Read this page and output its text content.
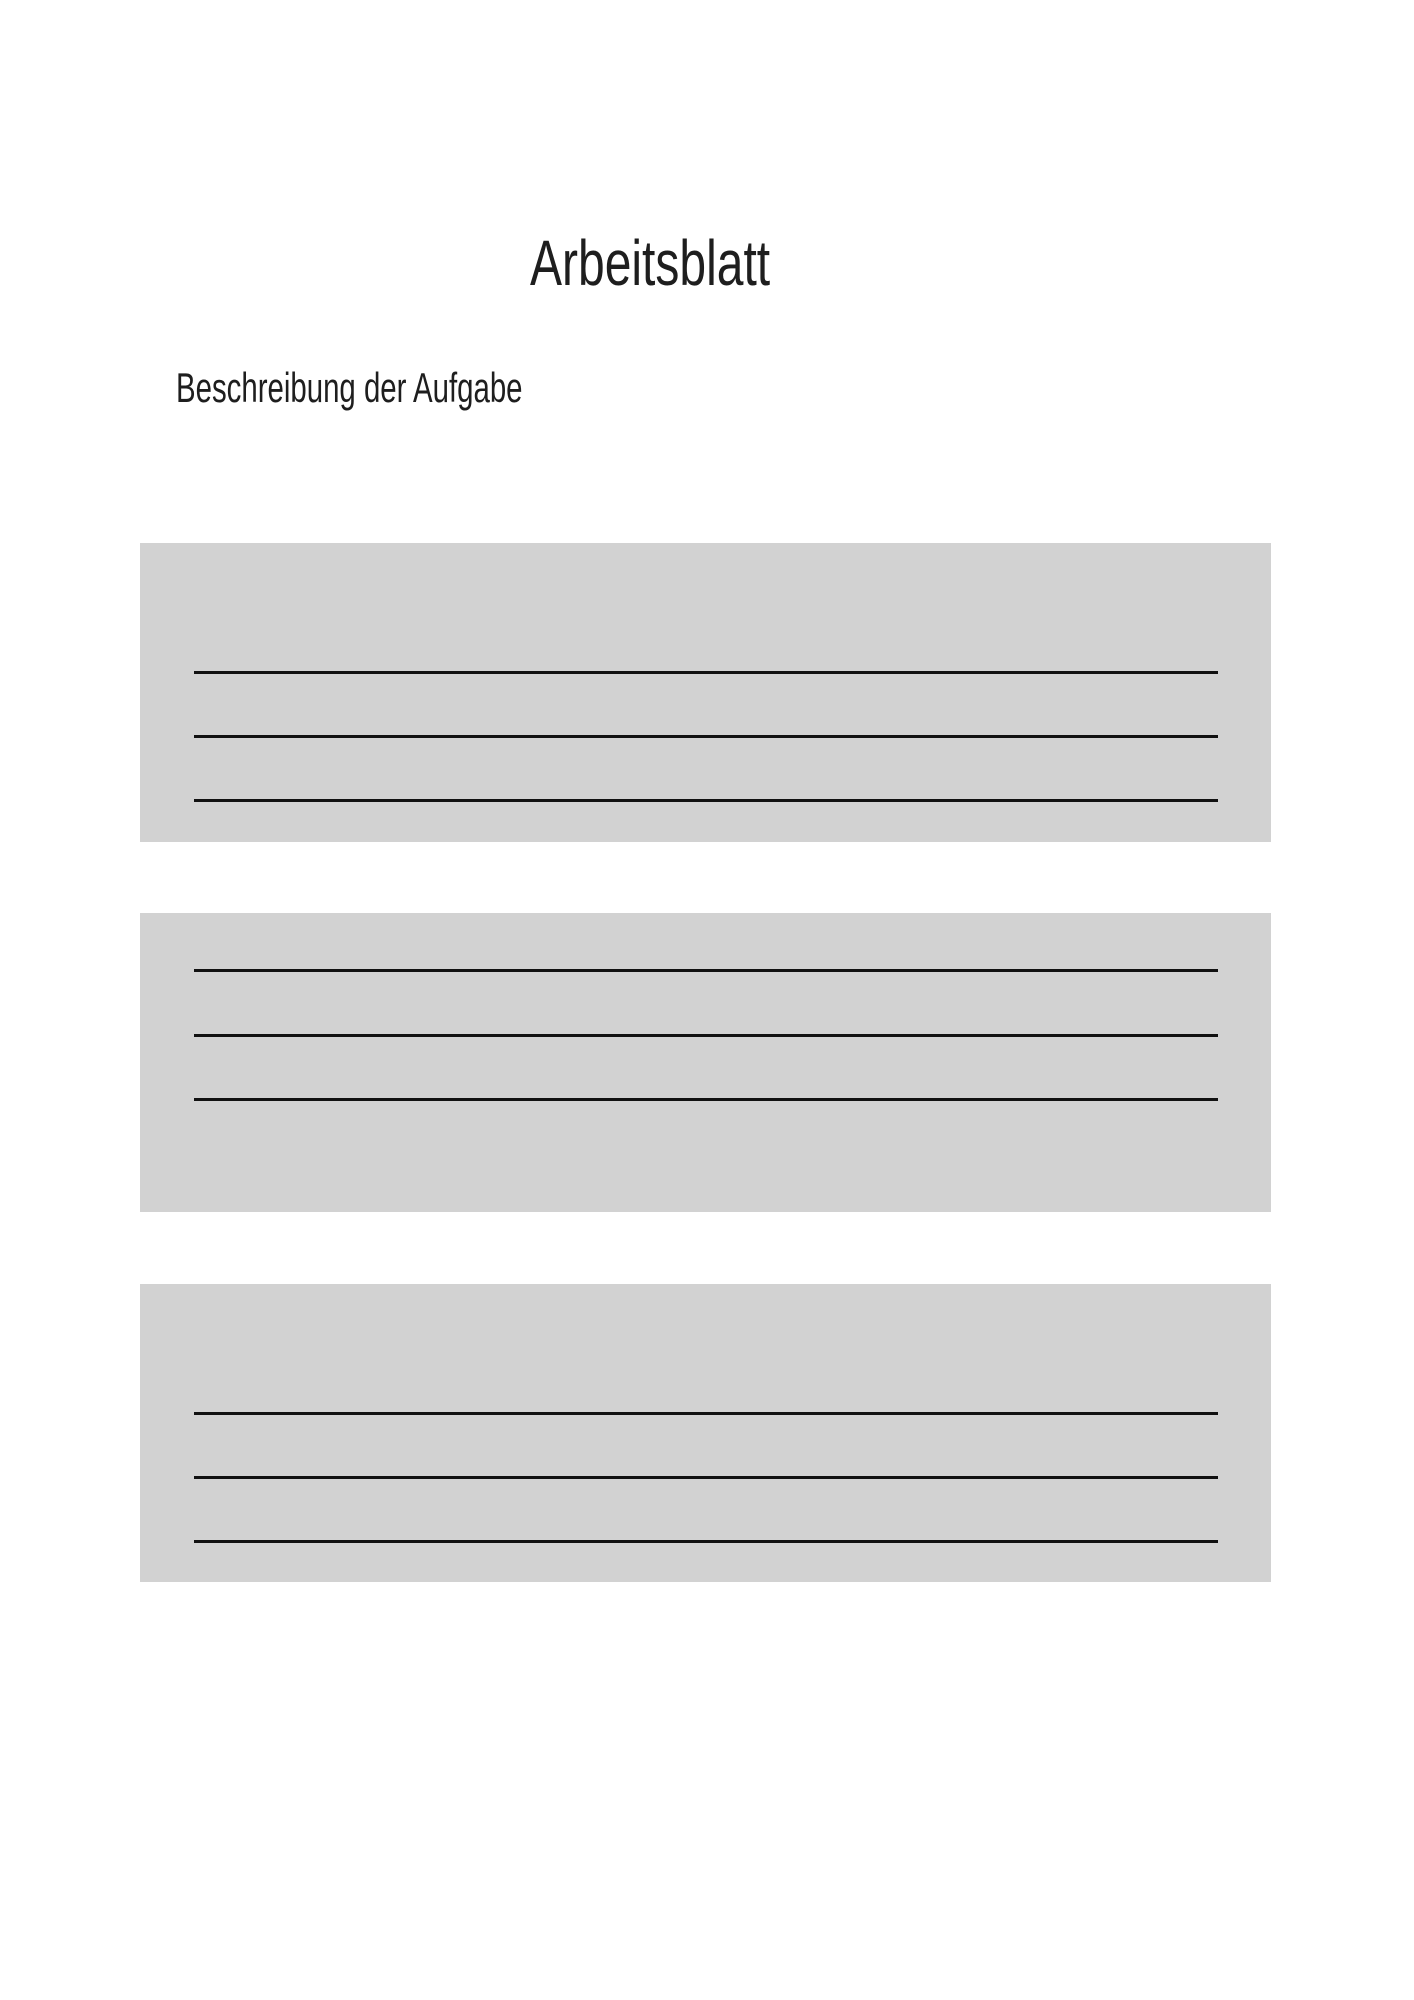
Arbeitsblatt

Beschreibung der Aufgabe
